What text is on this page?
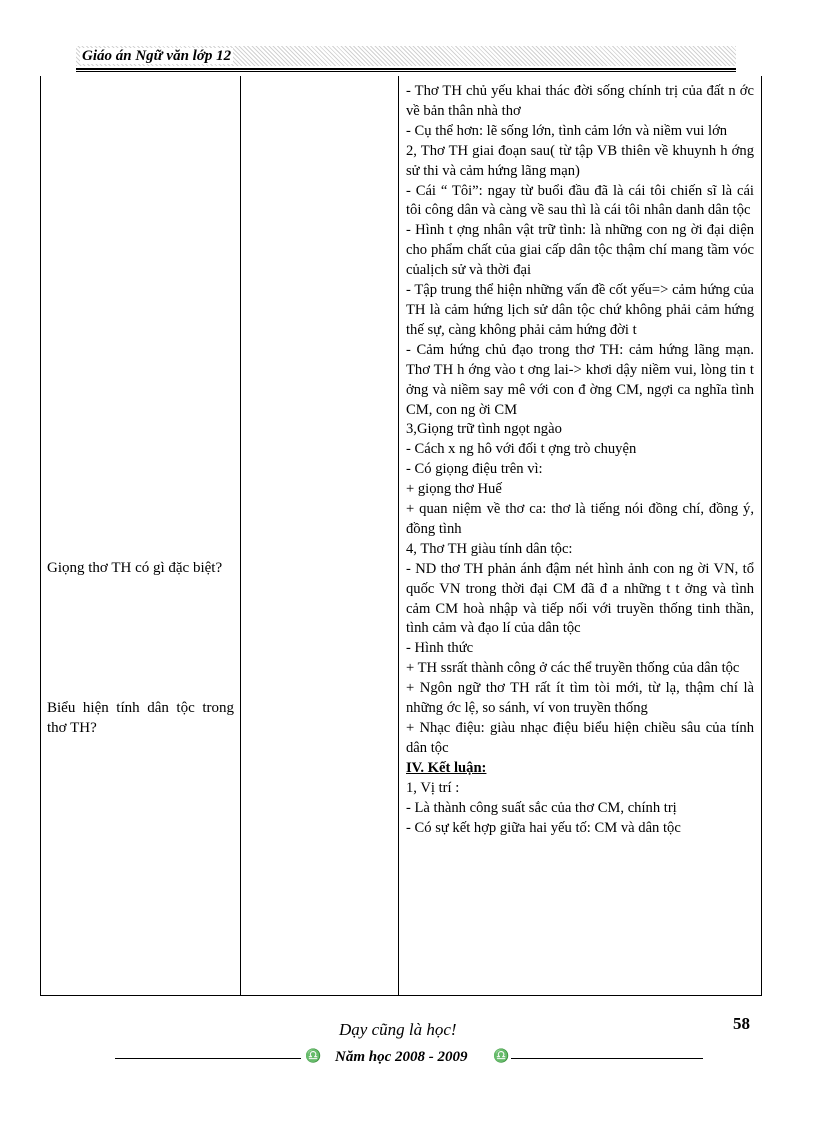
Giáo án Ngữ văn lớp 12
Giọng thơ TH có gì đặc biệt?
Biểu hiện tính dân tộc trong thơ TH?
- Thơ TH chủ yếu khai thác đời sống chính trị của đất n ớc về bản thân nhà thơ
- Cụ thể hơn: lẽ sống lớn, tình cảm lớn và niềm vui lớn
2, Thơ TH giai đoạn sau( từ tập VB thiên về khuynh h ớng sử thi và cảm hứng lãng mạn)
- Cái “ Tôi”: ngay từ buổi đầu đã là cái tôi chiến sĩ là cái tôi công dân và càng về sau thì là cái tôi nhân danh dân tộc
- Hình t ợng nhân vật trữ tình: là những con ng ời đại diện cho phẩm chất của giai cấp dân tộc thậm chí mang tầm vóc củalịch sử và thời đại
- Tập trung thể hiện những vấn đề cốt yếu=> cảm hứng của TH là cảm hứng lịch sử dân tộc chứ không phải cảm hứng thế sự, càng không phải cảm hứng đời t
- Cảm hứng chủ đạo trong thơ TH: cảm hứng lãng mạn. Thơ TH h ớng vào t ơng lai-> khơi dậy niềm vui, lòng tin t ởng và niềm say mê với con đ ờng CM, ngợi ca nghĩa tình CM, con ng ời CM
3,Giọng trữ tình ngọt ngào
- Cách x ng hô với đối t ợng trò chuyện
- Có giọng điệu trên vì:
+ giọng thơ Huế
+ quan niệm về thơ ca: thơ là tiếng nói đồng chí, đồng ý, đồng tình
4, Thơ TH giàu tính dân tộc:
- ND thơ TH phản ánh đậm nét hình ảnh con ng ời VN, tổ quốc VN trong thời đại CM đã đ a những t t ởng và tình cảm CM hoà nhập và tiếp nối với truyền thống tinh thần, tình cảm và đạo lí của dân tộc
- Hình thức
+ TH ssrất thành công ở các thể truyền thống của dân tộc
+ Ngôn ngữ thơ TH rất ít tìm tòi mới, từ lạ, thậm chí là những ớc lệ, so sánh, ví von truyền thống
+ Nhạc điệu: giàu nhạc điệu biểu hiện chiều sâu của tính dân tộc
IV. Kết luận:
1, Vị trí :
- Là thành công suất sắc của thơ CM, chính trị
- Có sự kết hợp giữa hai yếu tố: CM và dân tộc
Dạy cũng là học!	58
♎ Năm học 2008 - 2009 ♎
